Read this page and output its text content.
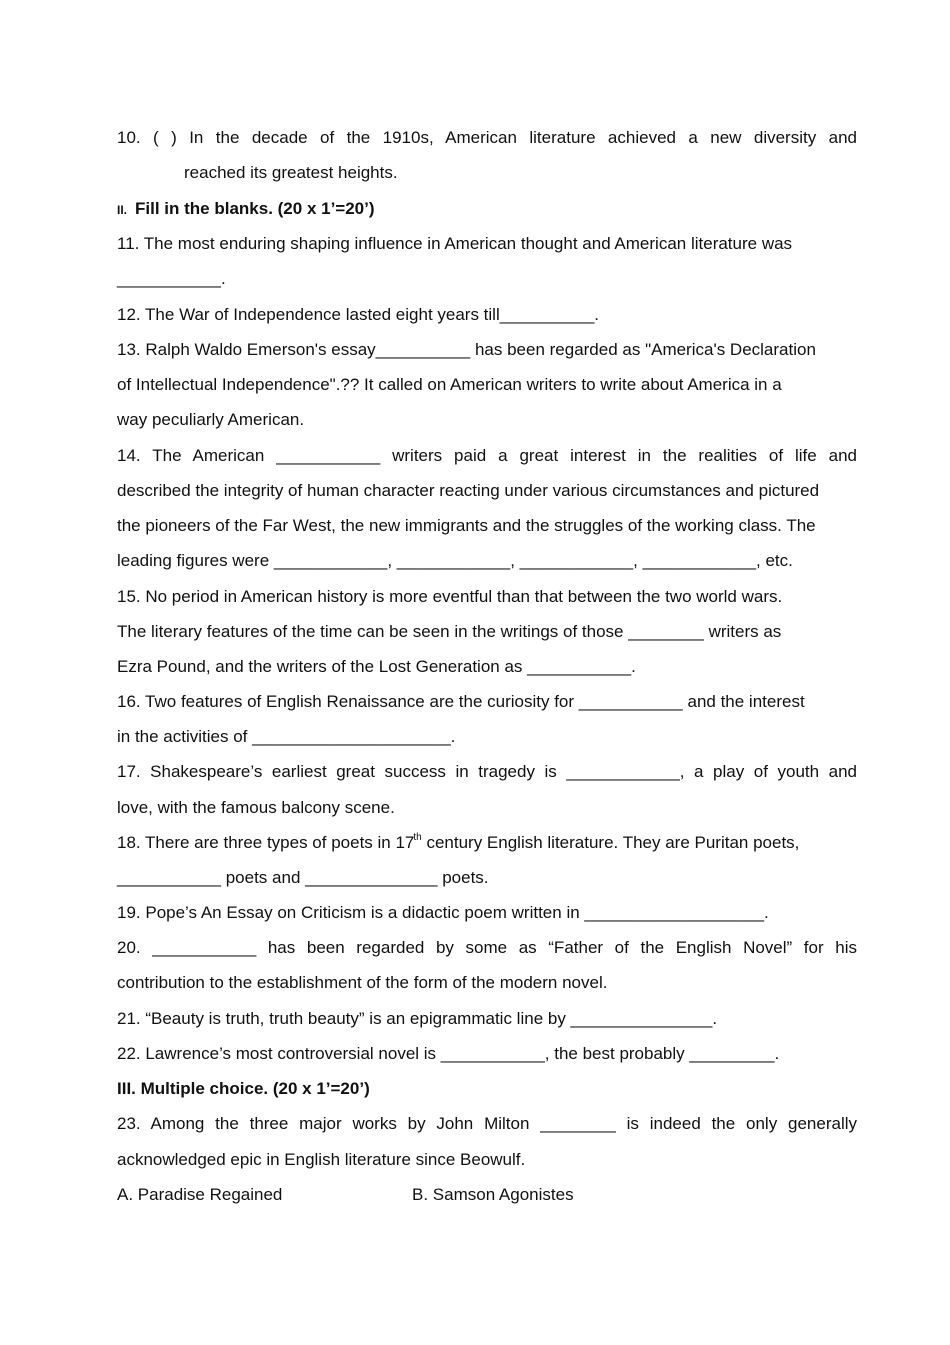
10. ( ) In the decade of the 1910s, American literature achieved a new diversity and
reached its greatest heights.
II. Fill in the blanks. (20 x 1’=20’)
11. The most enduring shaping influence in American thought and American literature was
___________.
12. The War of Independence lasted eight years till__________.
13. Ralph Waldo Emerson's essay__________ has been regarded as "America's Declaration
of Intellectual Independence".?? It called on American writers to write about America in a
way peculiarly American.
14. The American ___________ writers paid a great interest in the realities of life and
described the integrity of human character reacting under various circumstances and pictured
the pioneers of the Far West, the new immigrants and the struggles of the working class. The
leading figures were ____________, ____________, ____________, ____________, etc.
15. No period in American history is more eventful than that between the two world wars.
The literary features of the time can be seen in the writings of those ________ writers as
Ezra Pound, and the writers of the Lost Generation as ___________.
16. Two features of English Renaissance are the curiosity for ___________ and the interest
in the activities of _____________________.
17. Shakespeare’s earliest great success in tragedy is ____________, a play of youth and
love, with the famous balcony scene.
18. There are three types of poets in 17th century English literature. They are Puritan poets,
___________ poets and ______________ poets.
19. Pope’s An Essay on Criticism is a didactic poem written in ___________________.
20. ___________ has been regarded by some as “Father of the English Novel” for his
contribution to the establishment of the form of the modern novel.
21. “Beauty is truth, truth beauty” is an epigrammatic line by _______________.
22. Lawrence’s most controversial novel is ___________, the best probably _________.
III. Multiple choice. (20 x 1’=20’)
23. Among the three major works by John Milton ________ is indeed the only generally
acknowledged epic in English literature since Beowulf.
A. Paradise Regained	B. Samson Agonistes
